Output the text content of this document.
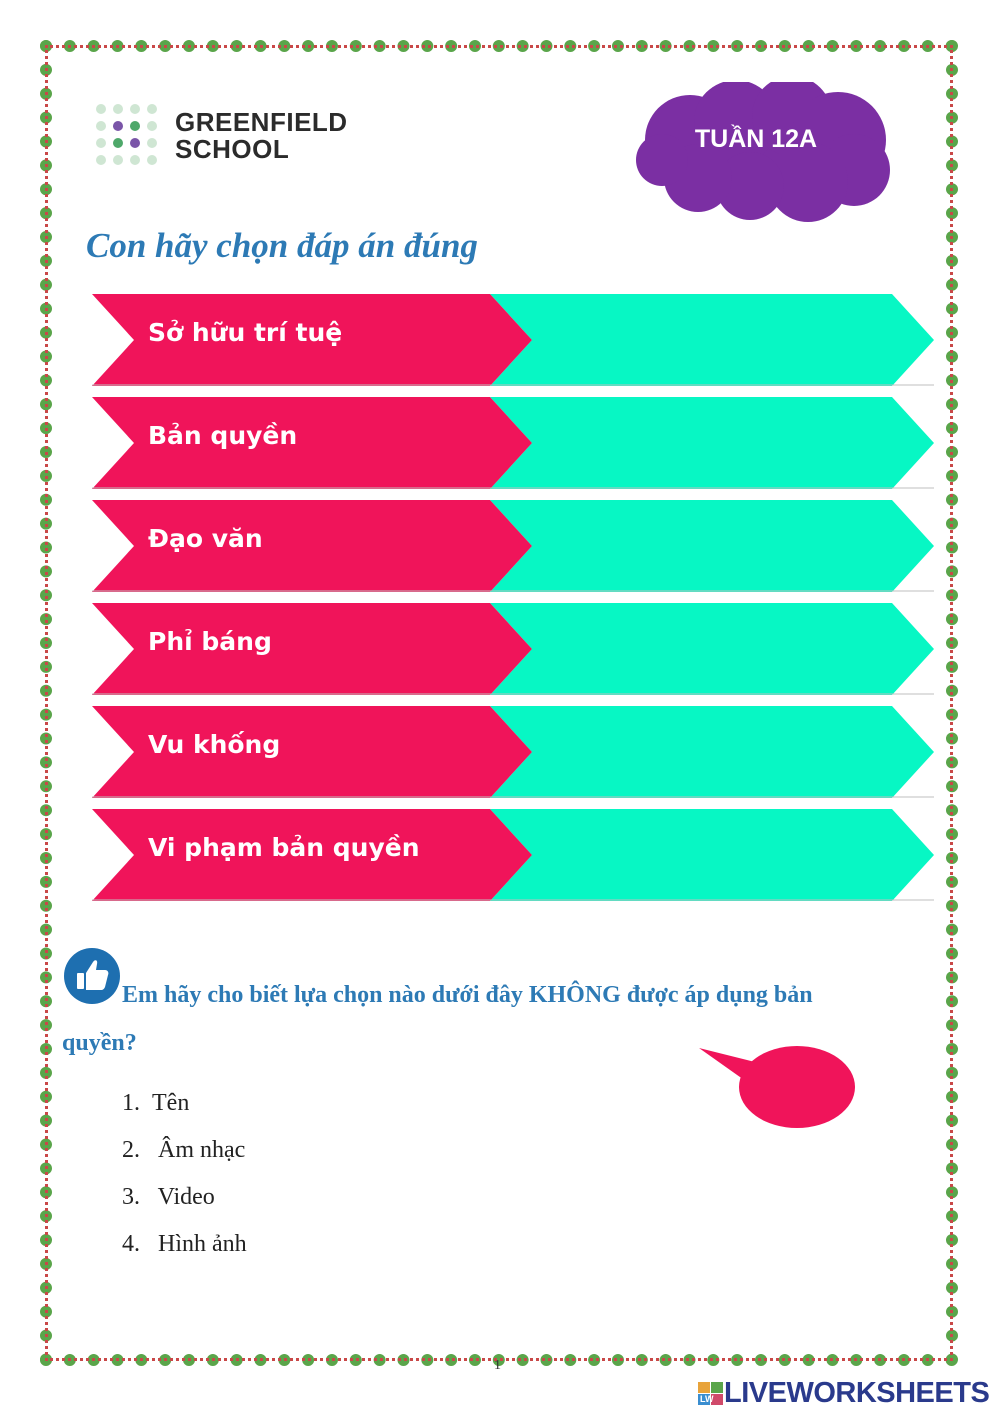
GREENFIELD
SCHOOL	TUẦN 12A
Con hãy chọn đáp án đúng
Sở hữu trí tuệ
Bản quyền
Đạo văn
Phỉ báng
Vu khống
Vi phạm bản quyền
Em hãy cho biết lựa chọn nào dưới đây KHÔNG được áp dụng bản
quyền?
1. Tên
2. Âm nhạc
3. Video
4. Hình ảnh
1
LW LIVEWORKSHEETS
